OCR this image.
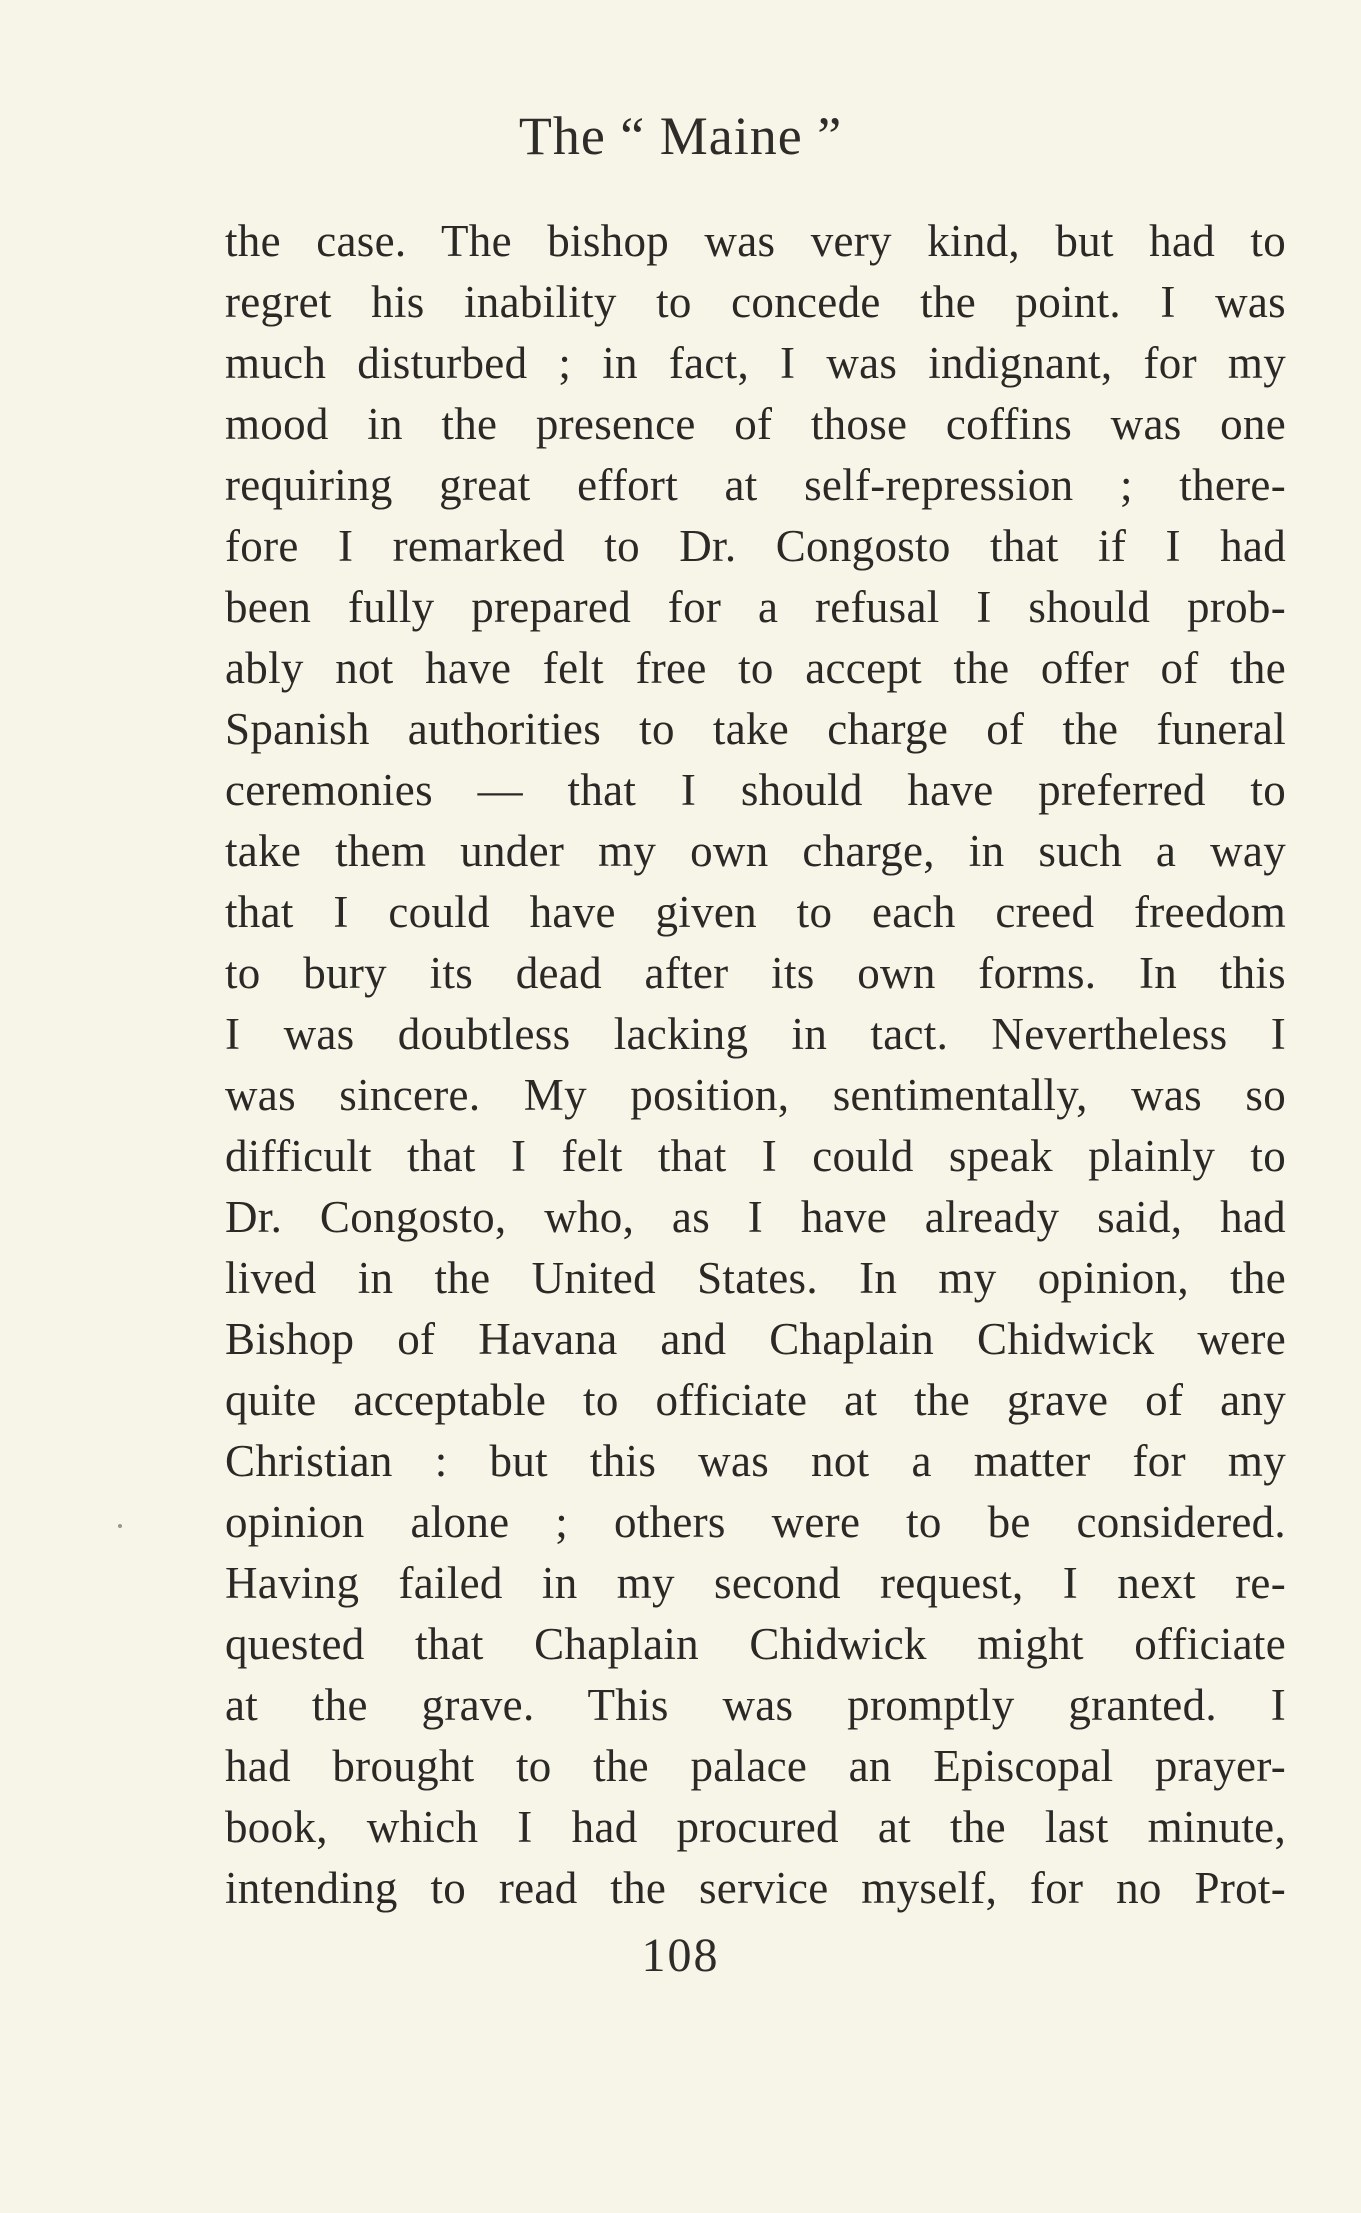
The “ Maine ”
the case. The bishop was very kind, but had to
regret his inability to concede the point. I was
much disturbed ; in fact, I was indignant, for my
mood in the presence of those coffins was one
requiring great effort at self-repression ; there-
fore I remarked to Dr. Congosto that if I had
been fully prepared for a refusal I should prob-
ably not have felt free to accept the offer of the
Spanish authorities to take charge of the funeral
ceremonies — that I should have preferred to
take them under my own charge, in such a way
that I could have given to each creed freedom
to bury its dead after its own forms. In this
I was doubtless lacking in tact. Nevertheless I
was sincere. My position, sentimentally, was so
difficult that I felt that I could speak plainly to
Dr. Congosto, who, as I have already said, had
lived in the United States. In my opinion, the
Bishop of Havana and Chaplain Chidwick were
quite acceptable to officiate at the grave of any
Christian : but this was not a matter for my
opinion alone ; others were to be considered.
Having failed in my second request, I next re-
quested that Chaplain Chidwick might officiate
at the grave. This was promptly granted. I
had brought to the palace an Episcopal prayer-
book, which I had procured at the last minute,
intending to read the service myself, for no Prot-
108
